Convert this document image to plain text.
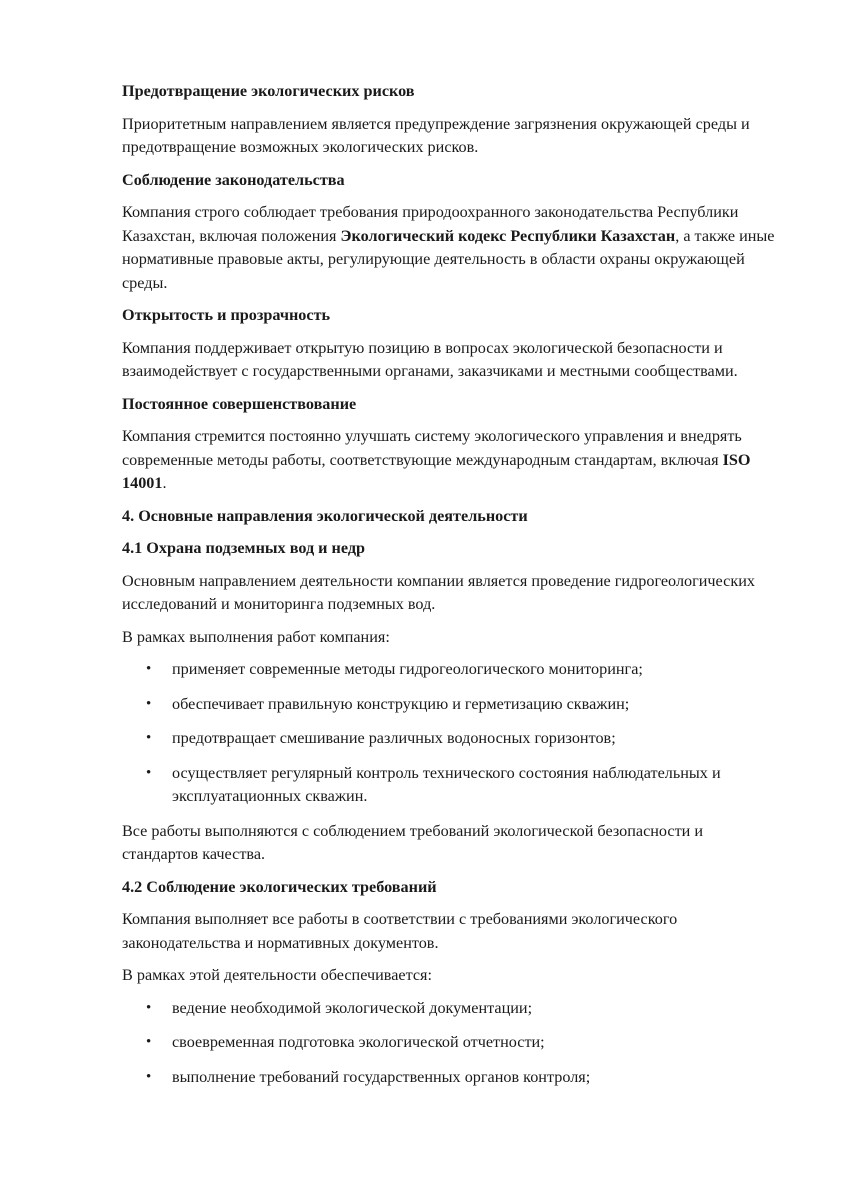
Предотвращение экологических рисков

Приоритетным направлением является предупреждение загрязнения окружающей среды и предотвращение возможных экологических рисков.

Соблюдение законодательства

Компания строго соблюдает требования природоохранного законодательства Республики Казахстан, включая положения Экологический кодекс Республики Казахстан, а также иные нормативные правовые акты, регулирующие деятельность в области охраны окружающей среды.

Открытость и прозрачность

Компания поддерживает открытую позицию в вопросах экологической безопасности и взаимодействует с государственными органами, заказчиками и местными сообществами.

Постоянное совершенствование

Компания стремится постоянно улучшать систему экологического управления и внедрять современные методы работы, соответствующие международным стандартам, включая ISO 14001.

4. Основные направления экологической деятельности

4.1 Охрана подземных вод и недр

Основным направлением деятельности компании является проведение гидрогеологических исследований и мониторинга подземных вод.

В рамках выполнения работ компания:

• применяет современные методы гидрогеологического мониторинга;
• обеспечивает правильную конструкцию и герметизацию скважин;
• предотвращает смешивание различных водоносных горизонтов;
• осуществляет регулярный контроль технического состояния наблюдательных и эксплуатационных скважин.

Все работы выполняются с соблюдением требований экологической безопасности и стандартов качества.

4.2 Соблюдение экологических требований

Компания выполняет все работы в соответствии с требованиями экологического законодательства и нормативных документов.

В рамках этой деятельности обеспечивается:

• ведение необходимой экологической документации;
• своевременная подготовка экологической отчетности;
• выполнение требований государственных органов контроля;
